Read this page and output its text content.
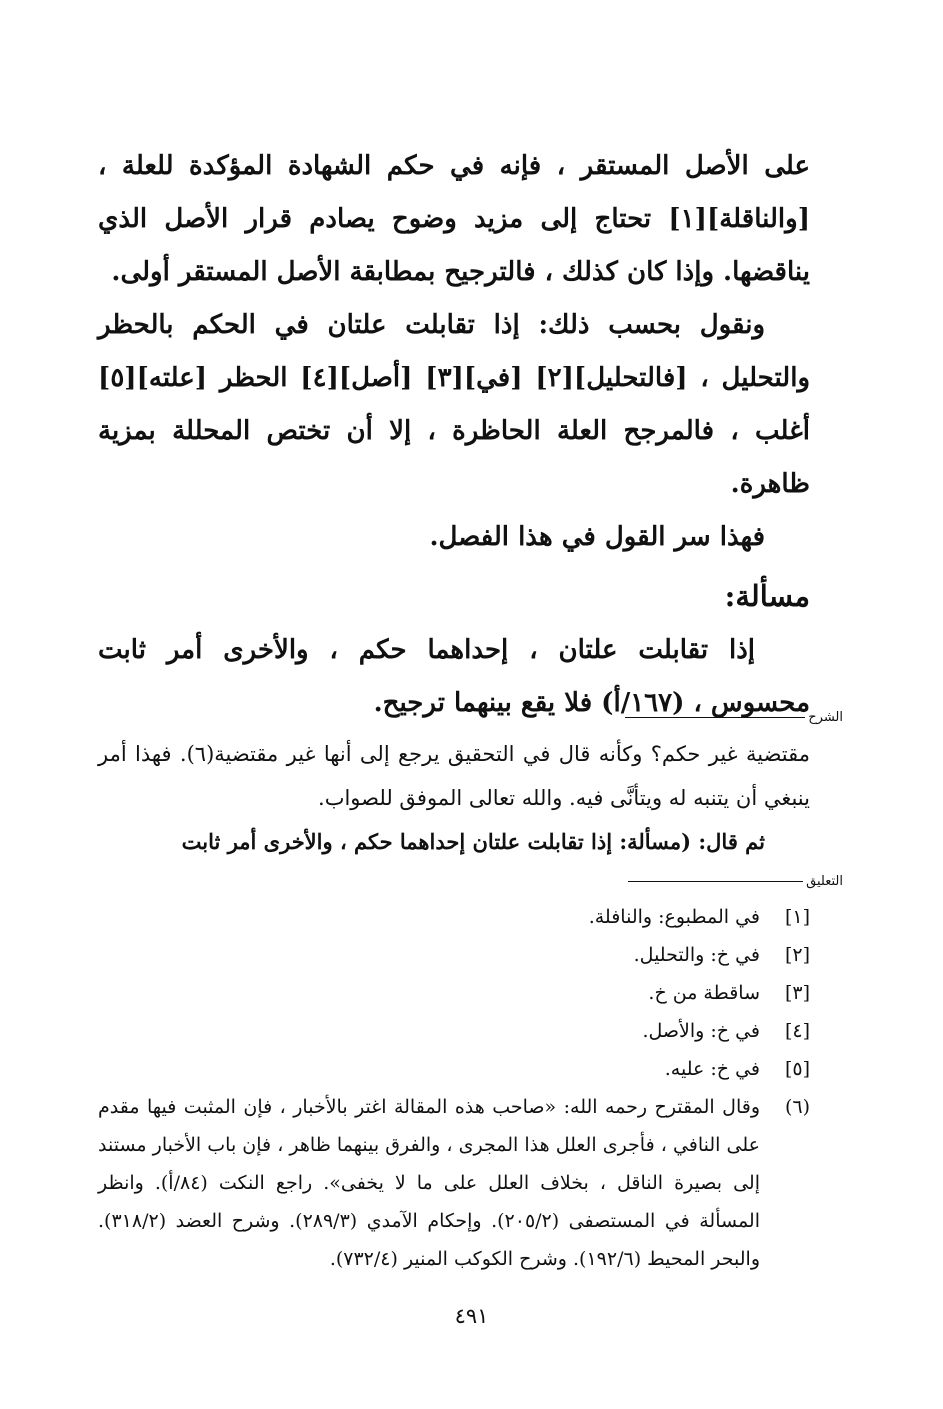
على الأصل المستقر ، فإنه في حكم الشهادة المؤكدة للعلة ، [والناقلة][١] تحتاج إلى مزيد وضوح يصادم قرار الأصل الذي يناقضها. وإذا كان كذلك ، فالترجيح بمطابقة الأصل المستقر أولى.

ونقول بحسب ذلك: إذا تقابلت علتان في الحكم بالحظر والتحليل ، [فالتحليل][٢] [في][٣] [أصل][٤] الحظر [علته][٥] أغلب ، فالمرجح العلة الحاظرة ، إلا أن تختص المحللة بمزية ظاهرة.

فهذا سر القول في هذا الفصل.

مسألة:

إذا تقابلت علتان ، إحداهما حكم ، والأخرى أمر ثابت محسوس ، (١٦٧/أ) فلا يقع بينهما ترجيح.

الشرح

مقتضية غير حكم؟ وكأنه قال في التحقيق يرجع إلى أنها غير مقتضية(٦). فهذا أمر ينبغي أن يتنبه له ويتأنَّى فيه. والله تعالى الموفق للصواب.

ثم قال: (مسألة: إذا تقابلت علتان إحداهما حكم ، والأخرى أمر ثابت

التعليق
[١]
في المطبوع: والنافلة.
[٢]
في خ: والتحليل.
[٣]
ساقطة من خ.
[٤]
في خ: والأصل.
[٥]
في خ: عليه.
(٦)
وقال المقترح رحمه الله: «صاحب هذه المقالة اغتر بالأخبار ، فإن المثبت فيها مقدم على النافي ، فأجرى العلل هذا المجرى ، والفرق بينهما ظاهر ، فإن باب الأخبار مستند إلى بصيرة الناقل ، بخلاف العلل على ما لا يخفى». راجع النكت (٨٤/أ). وانظر المسألة في المستصفى (٢٠٥/٢). وإحكام الآمدي (٢٨٩/٣). وشرح العضد (٣١٨/٢). والبحر المحيط (١٩٢/٦). وشرح الكوكب المنير (٧٣٢/٤).
٤٩١
